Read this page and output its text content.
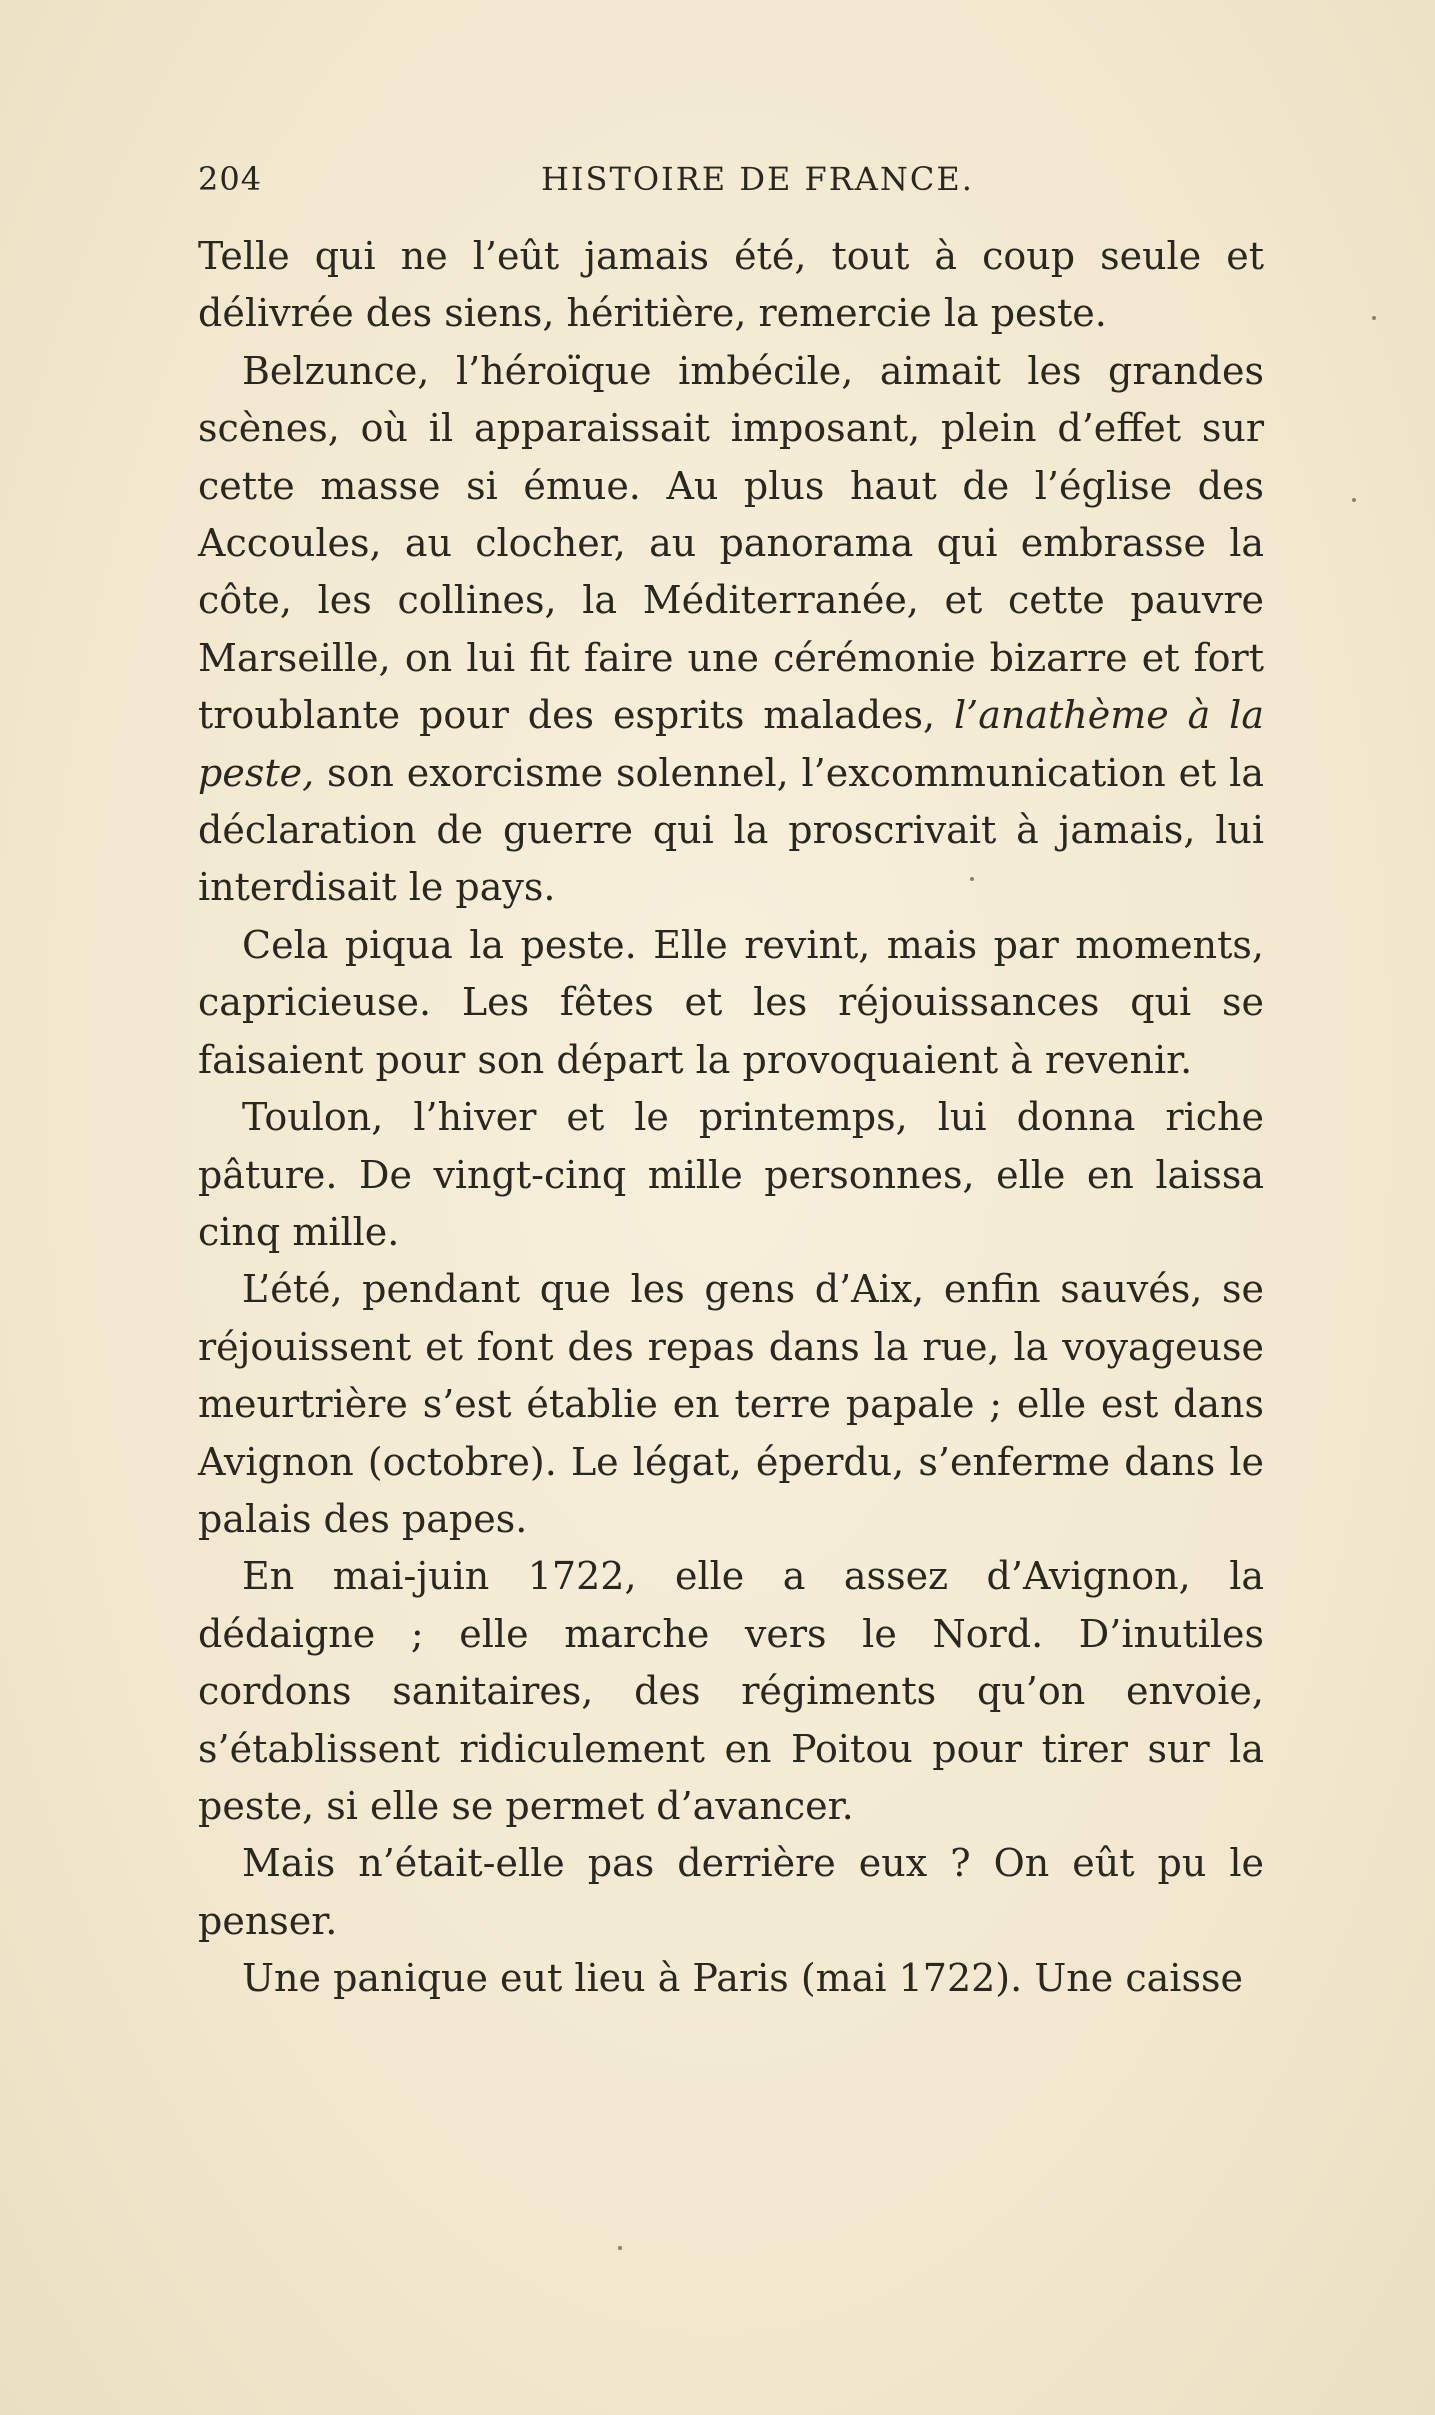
204	HISTOIRE DE FRANCE.

Telle qui ne l’eût jamais été, tout à coup seule et délivrée des siens, héritière, remercie la peste.

Belzunce, l’héroïque imbécile, aimait les grandes scènes, où il apparaissait imposant, plein d’effet sur cette masse si émue. Au plus haut de l’église des Accoules, au clocher, au panorama qui embrasse la côte, les collines, la Méditerranée, et cette pauvre Marseille, on lui fit faire une cérémonie bizarre et fort troublante pour des esprits malades, l’anathème à la peste, son exorcisme solennel, l’excommunication et la déclaration de guerre qui la proscrivait à jamais, lui interdisait le pays.

Cela piqua la peste. Elle revint, mais par moments, capricieuse. Les fêtes et les réjouissances qui se faisaient pour son départ la provoquaient à revenir.

Toulon, l’hiver et le printemps, lui donna riche pâture. De vingt-cinq mille personnes, elle en laissa cinq mille.

L’été, pendant que les gens d’Aix, enfin sauvés, se réjouissent et font des repas dans la rue, la voyageuse meurtrière s’est établie en terre papale ; elle est dans Avignon (octobre). Le légat, éperdu, s’enferme dans le palais des papes.

En mai-juin 1722, elle a assez d’Avignon, la dédaigne ; elle marche vers le Nord. D’inutiles cordons sanitaires, des régiments qu’on envoie, s’établissent ridiculement en Poitou pour tirer sur la peste, si elle se permet d’avancer.

Mais n’était-elle pas derrière eux ? On eût pu le penser.

Une panique eut lieu à Paris (mai 1722). Une caisse
